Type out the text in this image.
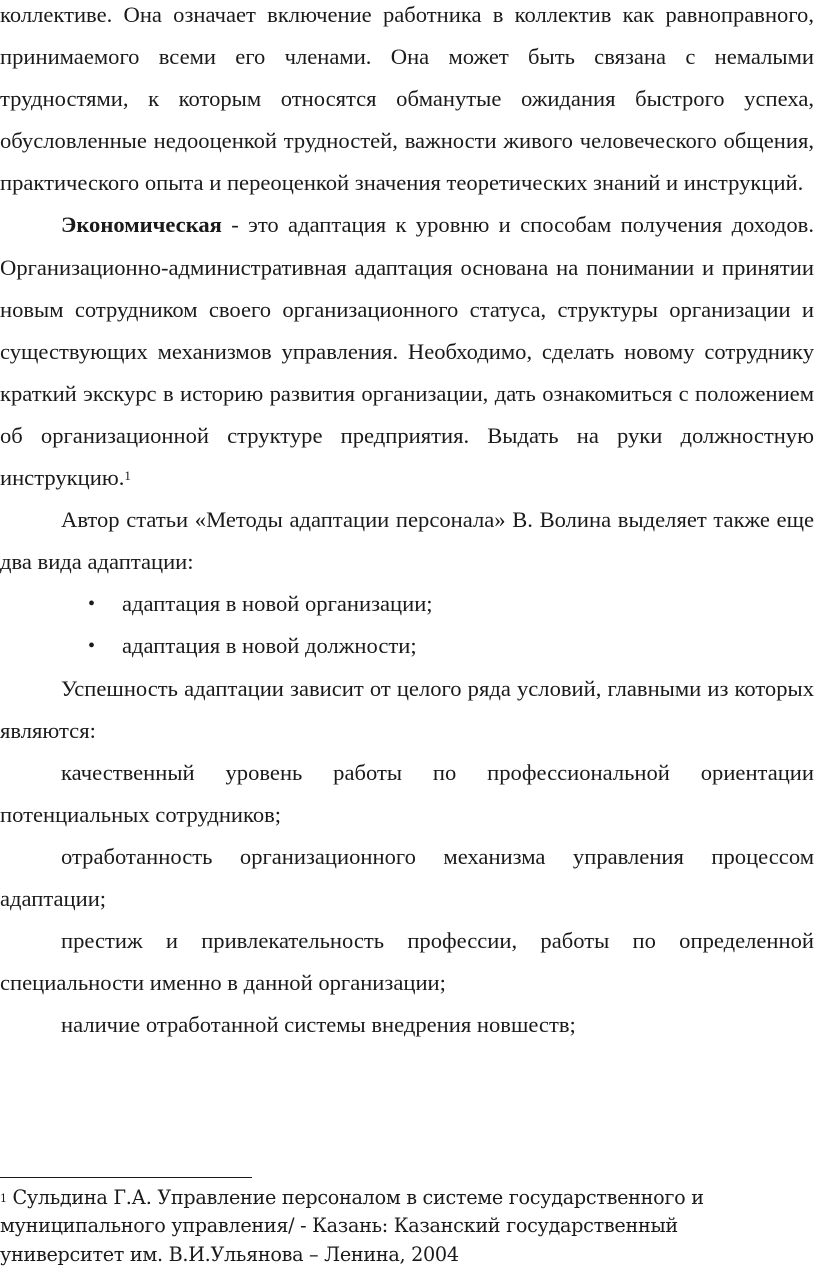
коллективе. Она означает включение работника в коллектив как равноправного, принимаемого всеми его членами. Она может быть связана с немалыми трудностями, к которым относятся обманутые ожидания быстрого успеха, обусловленные недооценкой трудностей, важности живого человеческого общения, практического опыта и переоценкой значения теоретических знаний и инструкций.

Экономическая - это адаптация к уровню и способам получения доходов. Организационно-административная адаптация основана на понимании и принятии новым сотрудником своего организационного статуса, структуры организации и существующих механизмов управления. Необходимо, сделать новому сотруднику краткий экскурс в историю развития организации, дать ознакомиться с положением об организационной структуре предприятия. Выдать на руки должностную инструкцию.$^1$

Автор статьи «Методы адаптации персонала» В. Волина выделяет также еще два вида адаптации:

• адаптация в новой организации;
• адаптация в новой должности;

Успешность адаптации зависит от целого ряда условий, главными из которых являются:

качественный уровень работы по профессиональной ориентации потенциальных сотрудников;

отработанность организационного механизма управления процессом адаптации;

престиж и привлекательность профессии, работы по определенной специальности именно в данной организации;

наличие отработанной системы внедрения новшеств;

$^1$ Сульдина Г.А. Управление персоналом в системе государственного и муниципального управления/ - Казань: Казанский государственный университет им. В.И.Ульянова – Ленина, 2004
